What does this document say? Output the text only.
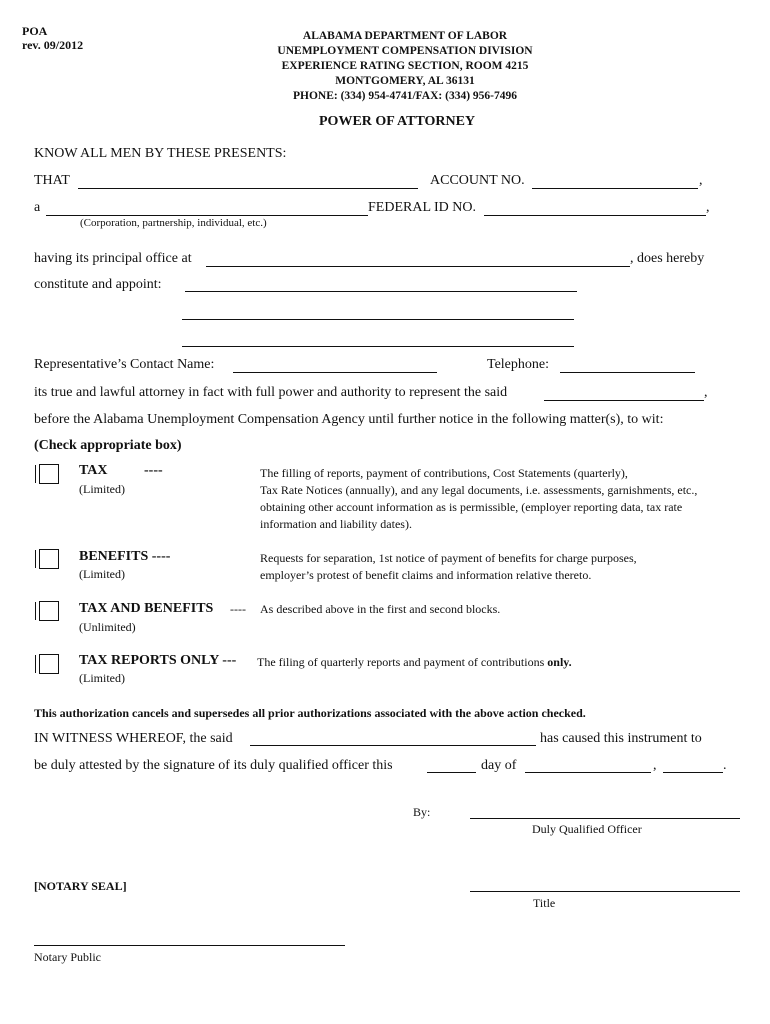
POA
rev. 09/2012
ALABAMA DEPARTMENT OF LABOR
UNEMPLOYMENT COMPENSATION DIVISION
EXPERIENCE RATING SECTION, ROOM 4215
MONTGOMERY, AL 36131
PHONE: (334) 954-4741/FAX: (334) 956-7496
POWER OF ATTORNEY
KNOW ALL MEN BY THESE PRESENTS:
THAT	ACCOUNT NO.	,
a	FEDERAL ID NO.	,
(Corporation, partnership, individual, etc.)
having its principal office at	, does hereby
constitute and appoint:
Representative’s Contact Name:	Telephone:
its true and lawful attorney in fact with full power and authority to represent the said	,
before the Alabama Unemployment Compensation Agency until further notice in the following matter(s), to wit:
(Check appropriate box)
TAX	----
(Limited)
The filling of reports, payment of contributions, Cost Statements (quarterly),
Tax Rate Notices (annually), and any legal documents, i.e. assessments, garnishments, etc.,
obtaining other account information as is permissible, (employer reporting data, tax rate
information and liability dates).
BENEFITS ----
(Limited)
Requests for separation, 1st notice of payment of benefits for charge purposes,
employer’s protest of benefit claims and information relative thereto.
TAX AND BENEFITS ----
(Unlimited)
As described above in the first and second blocks.
TAX REPORTS ONLY ---
(Limited)
The filing of quarterly reports and payment of contributions only.
This authorization cancels and supersedes all prior authorizations associated with the above action checked.
IN WITNESS WHEREOF, the said	has caused this instrument to
be duly attested by the signature of its duly qualified officer this	day of	,	.
By:
Duly Qualified Officer
[NOTARY SEAL]
Title
Notary Public
